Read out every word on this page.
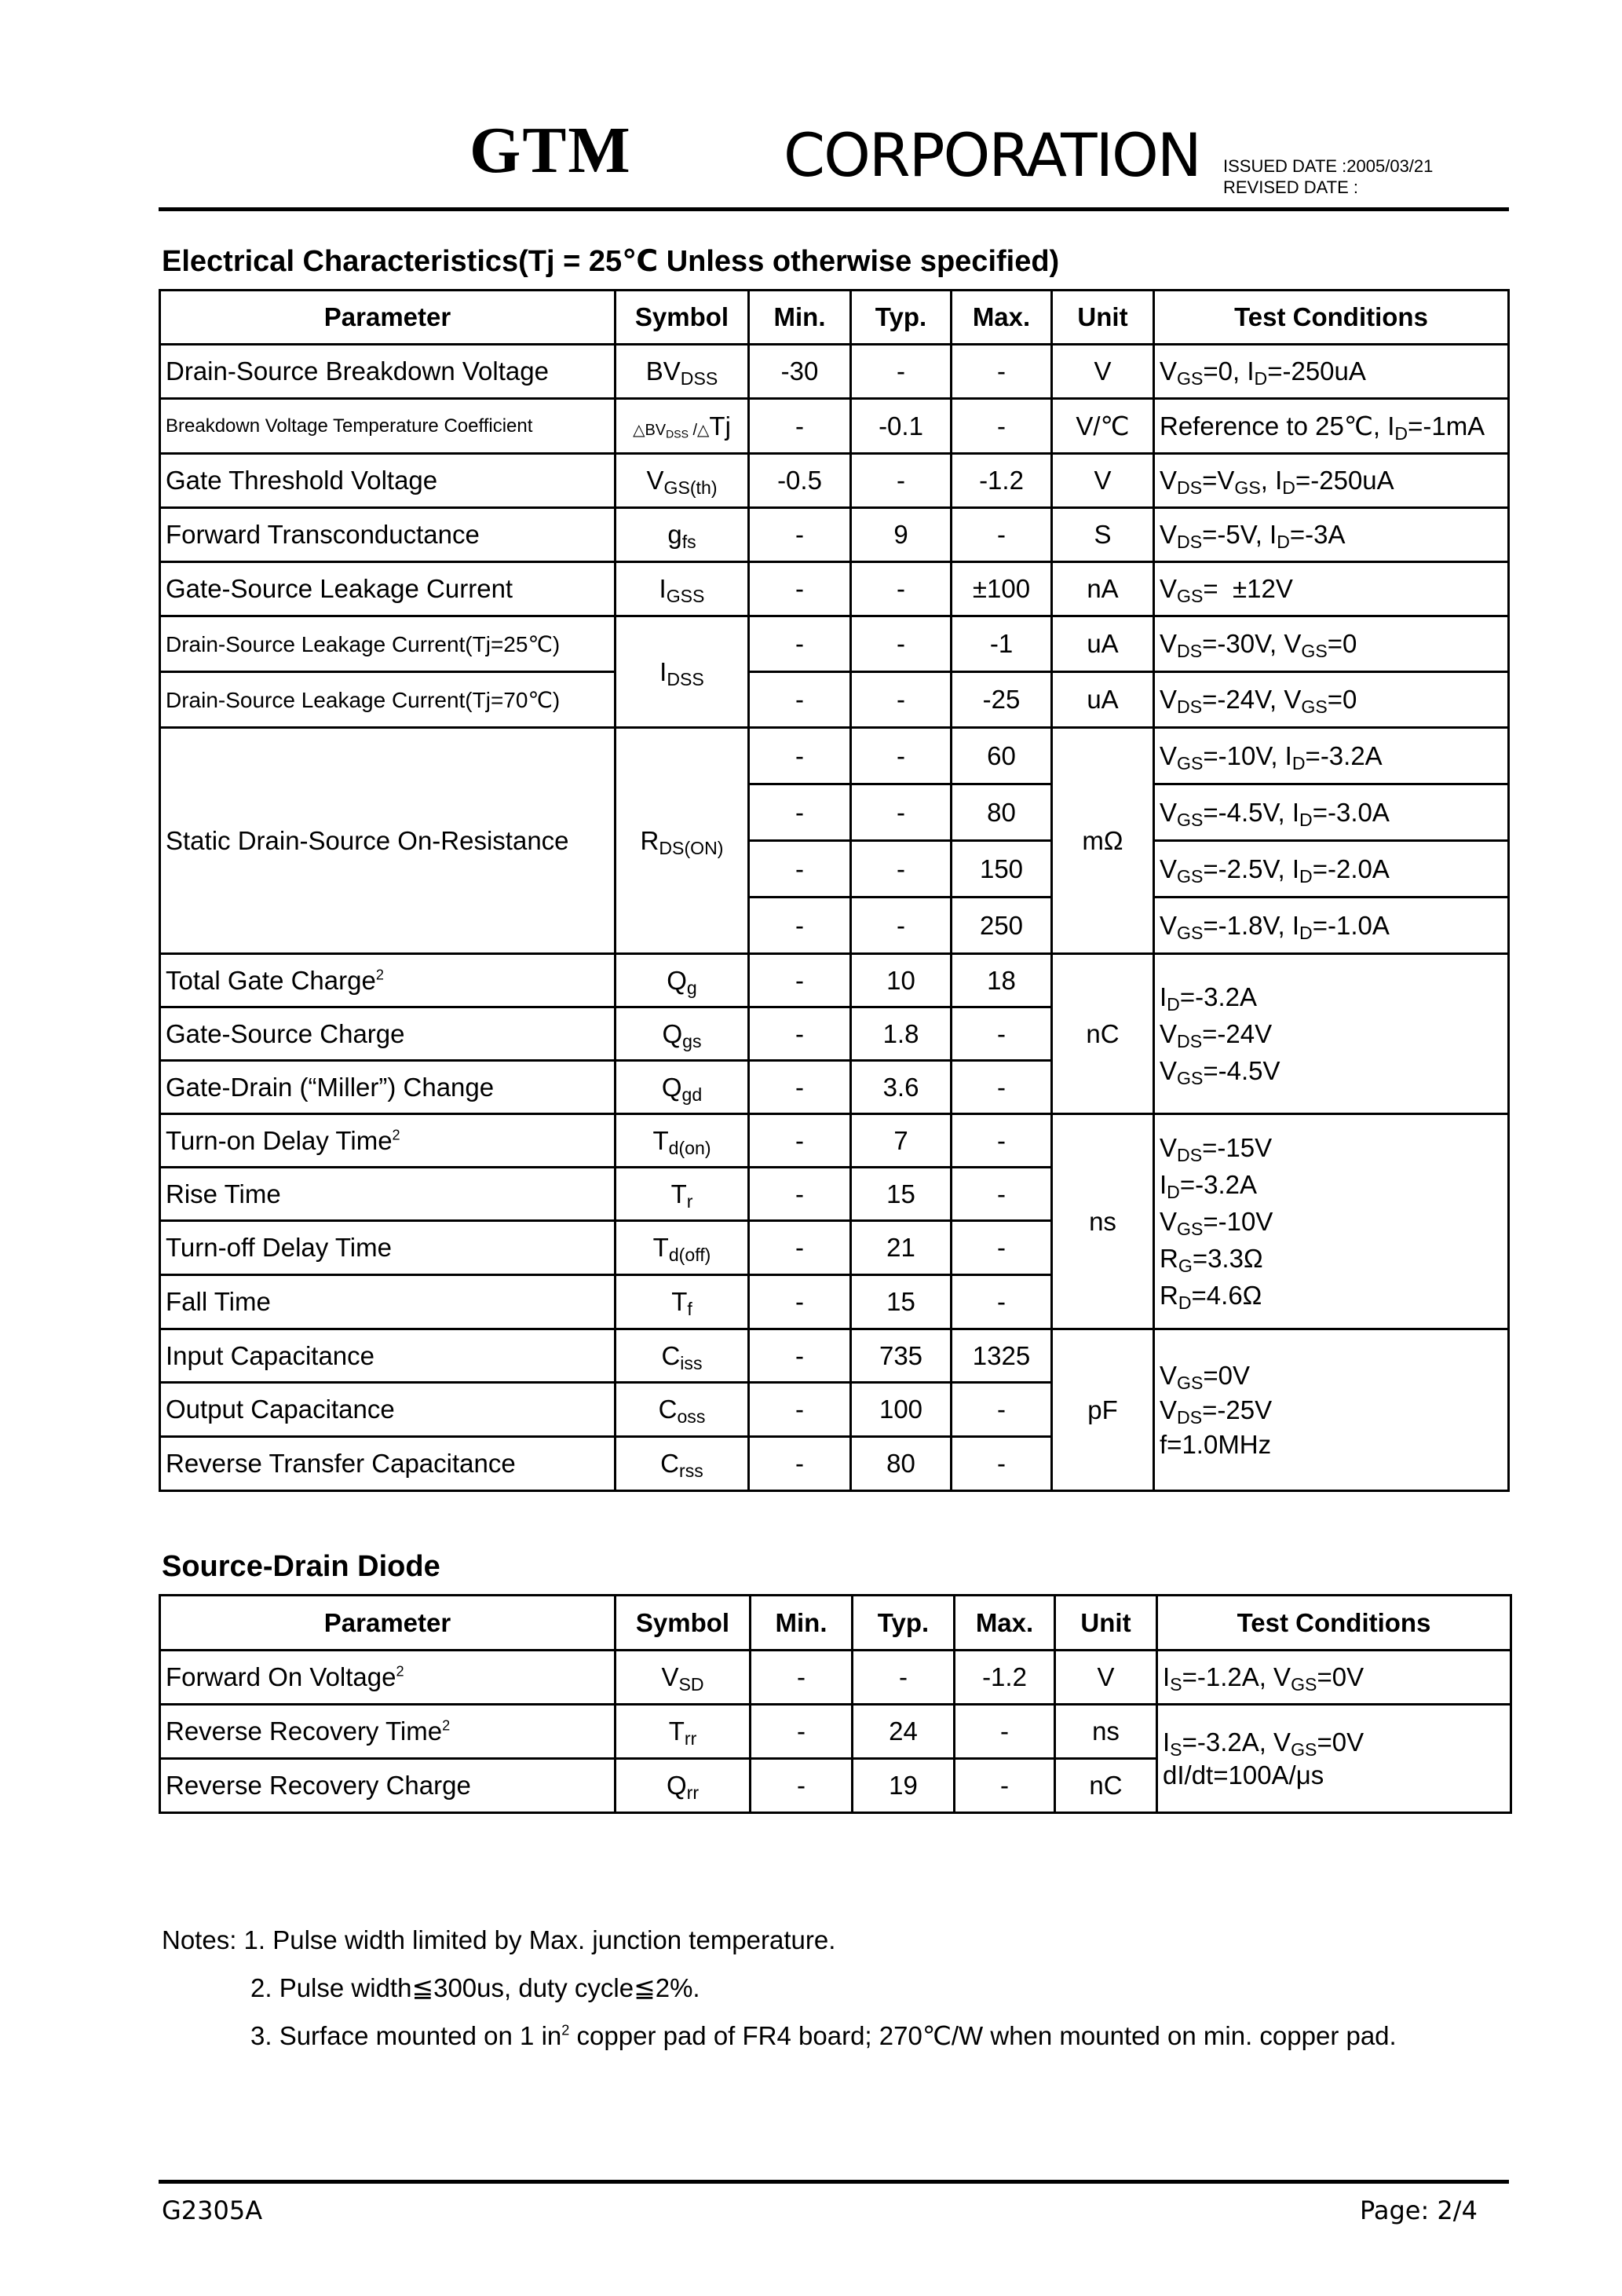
GTM	CORPORATION ISSUED DATE :2005/03/21
REVISED DATE :
Electrical Characteristics(Tj = 25℃ Unless otherwise specified)
Parameter	Symbol	Min.	Typ.	Max.	Unit	Test Conditions
Drain-Source Breakdown Voltage	$BV_{DSS}$	-30	-	-	V	$V_{GS}=0$, $I_D=-250uA$
Breakdown Voltage Temperature Coefficient	$\triangle BV_{DSS}$ /△Tj	-	-0.1	-	V/℃	Reference to 25℃, $I_D=-1mA$
Gate Threshold Voltage	$V_{GS(th)}$	-0.5	-	-1.2	V	$V_{DS}=V_{GS}$, $I_D=-250uA$
Forward Transconductance	$g_{fs}$	-	9	-	S	$V_{DS}=-5V$, $I_D=-3A$
Gate-Source Leakage Current	$I_{GSS}$	-	-	±100	nA	$V_{GS}= \pm 12V$
Drain-Source Leakage Current(Tj=25℃)	$I_{DSS}$	-	-	-1	uA	$V_{DS}=-30V$, $V_{GS}=0$
Drain-Source Leakage Current(Tj=70℃)		-	-	-25	uA	$V_{DS}=-24V$, $V_{GS}=0$
Static Drain-Source On-Resistance	$R_{DS(ON)}$	-	-	60	mΩ	$V_{GS}=-10V$, $I_D=-3.2A$
		-	-	80		$V_{GS}=-4.5V$, $I_D=-3.0A$
		-	-	150		$V_{GS}=-2.5V$, $I_D=-2.0A$
		-	-	250		$V_{GS}=-1.8V$, $I_D=-1.0A$
Total Gate Charge$^2$	$Q_g$	-	10	18	nC	$I_D=-3.2A$
$V_{DS}=-24V$
$V_{GS}=-4.5V$
Gate-Source Charge	$Q_{gs}$	-	1.8	-		
Gate-Drain (“Miller”) Change	$Q_{gd}$	-	3.6	-		
Turn-on Delay Time$^2$	$T_{d(on)}$	-	7	-	ns	$V_{DS}=-15V$
$I_D=-3.2A$
$V_{GS}=-10V$
$R_G=3.3\Omega$
$R_D=4.6\Omega$
Rise Time	$T_r$	-	15	-		
Turn-off Delay Time	$T_{d(off)}$	-	21	-		
Fall Time	$T_f$	-	15	-		
Input Capacitance	$C_{iss}$	-	735	1325	pF	$V_{GS}=0V$
$V_{DS}=-25V$
f=1.0MHz
Output Capacitance	$C_{oss}$	-	100	-		
Reverse Transfer Capacitance	$C_{rss}$	-	80	-		
Source-Drain Diode
Parameter	Symbol	Min.	Typ.	Max.	Unit	Test Conditions
Forward On Voltage$^2$	$V_{SD}$	-	-	-1.2	V	$I_S=-1.2A$, $V_{GS}=0V$
Reverse Recovery Time$^2$	$T_{rr}$	-	24	-	ns	$I_S=-3.2A$, $V_{GS}=0V$
dI/dt=100A/μs
Reverse Recovery Charge	$Q_{rr}$	-	19	-	nC	
Notes: 1. Pulse width limited by Max. junction temperature.
2. Pulse width≦300us, duty cycle≦2%.
3. Surface mounted on 1 $in^2$ copper pad of FR4 board; 270℃/W when mounted on min. copper pad.
G2305A	Page: 2/4
